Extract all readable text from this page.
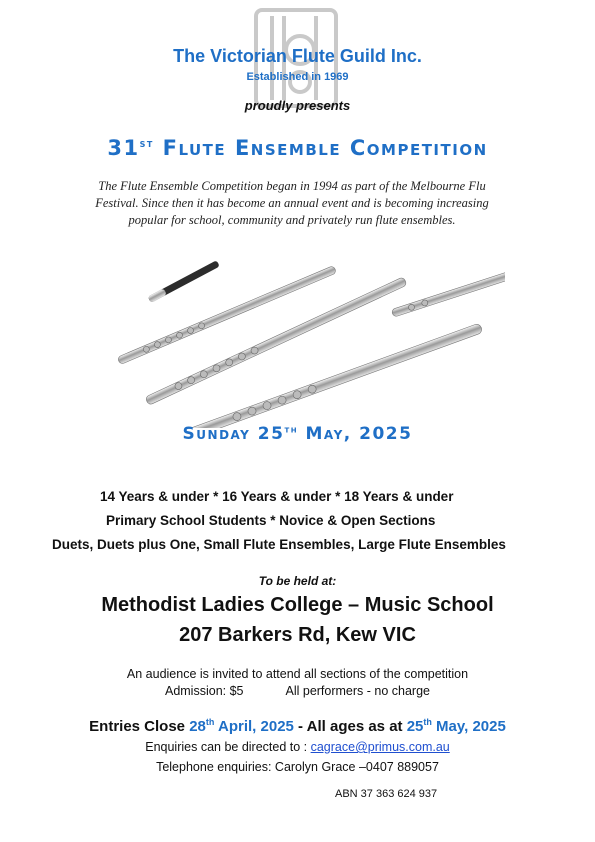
The Victorian Flute Guild Inc.
Established in 1969
proudly presents
31st Flute Ensemble Competition
The Flute Ensemble Competition began in 1994 as part of the Melbourne Flu
Festival. Since then it has become an annual event and is becoming increasing
popular for school, community and privately run flute ensembles.
Sunday 25th May, 2025
14 Years & under * 16 Years & under * 18 Years & under
Primary School Students * Novice & Open Sections
Duets, Duets plus One, Small Flute Ensembles, Large Flute Ensembles
To be held at:
Methodist Ladies College – Music School
207 Barkers Rd, Kew VIC
An audience is invited to attend all sections of the competition
Admission: $5	All performers - no charge
Entries Close 28th April, 2025 - All ages as at 25th May, 2025
Enquiries can be directed to : cagrace@primus.com.au
Telephone enquiries: Carolyn Grace –0407 889057
ABN 37 363 624 937
